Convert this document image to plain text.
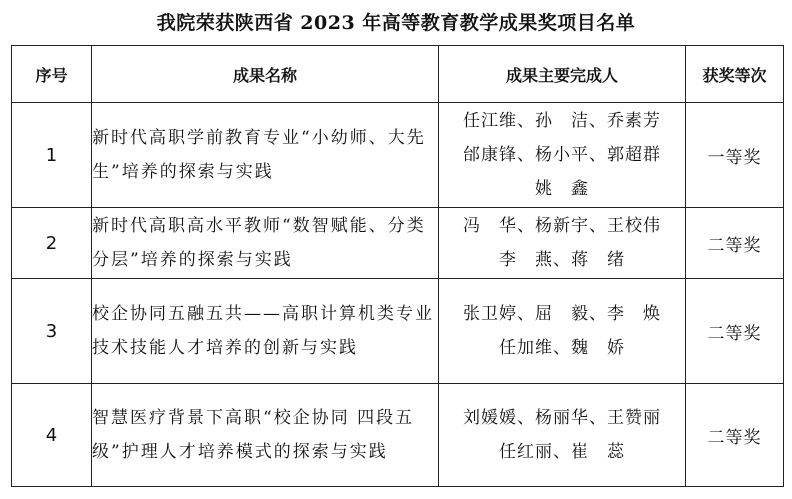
我院荣获陕西省 2023 年高等教育教学成果奖项目名单
序号	成果名称	成果主要完成人	获奖等次
1	新时代高职学前教育专业“小幼师、大先生”培养的探索与实践	任江维、孙　洁、乔素芳
邰康锋、杨小平、郭超群
姚　鑫	一等奖
2	新时代高职高水平教师“数智赋能、分类分层”培养的探索与实践	冯　华、杨新宇、王校伟
李　燕、蒋　绪	二等奖
3	校企协同五融五共——高职计算机类专业技术技能人才培养的创新与实践	张卫婷、屈　毅、李　焕
任加维、魏　娇	二等奖
4	智慧医疗背景下高职“校企协同 四段五级”护理人才培养模式的探索与实践	刘媛媛、杨丽华、王赞丽
任红丽、崔　蕊	二等奖
